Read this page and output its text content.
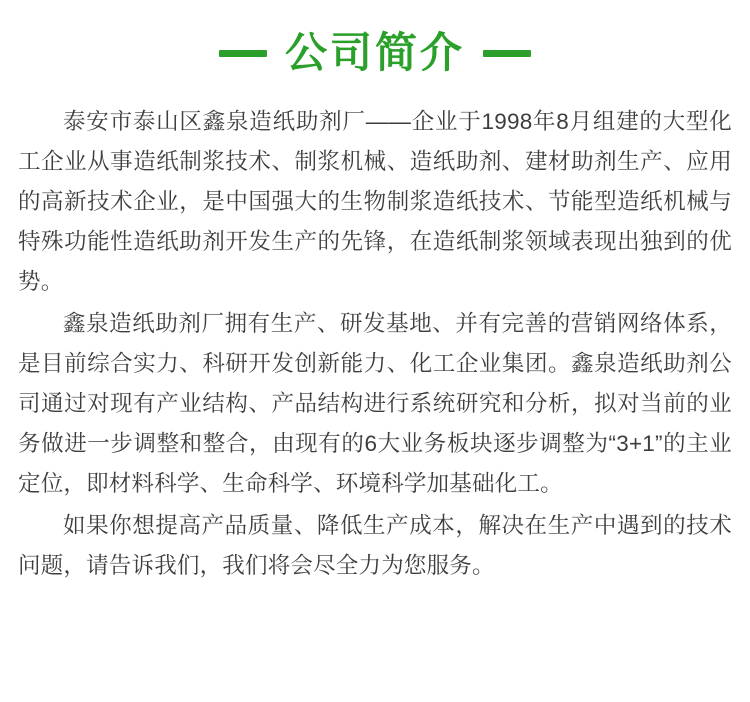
公司简介

泰安市泰山区鑫泉造纸助剂厂——企业于1998年8月组建的大型化工企业从事造纸制浆技术、制浆机械、造纸助剂、建材助剂生产、应用的高新技术企业，是中国强大的生物制浆造纸技术、节能型造纸机械与特殊功能性造纸助剂开发生产的先锋，在造纸制浆领域表现出独到的优势。

鑫泉造纸助剂厂拥有生产、研发基地、并有完善的营销网络体系，是目前综合实力、科研开发创新能力、化工企业集团。鑫泉造纸助剂公司通过对现有产业结构、产品结构进行系统研究和分析，拟对当前的业务做进一步调整和整合，由现有的6大业务板块逐步调整为“3+1”的主业定位，即材料科学、生命科学、环境科学加基础化工。

如果你想提高产品质量、降低生产成本，解决在生产中遇到的技术问题，请告诉我们，我们将会尽全力为您服务。
